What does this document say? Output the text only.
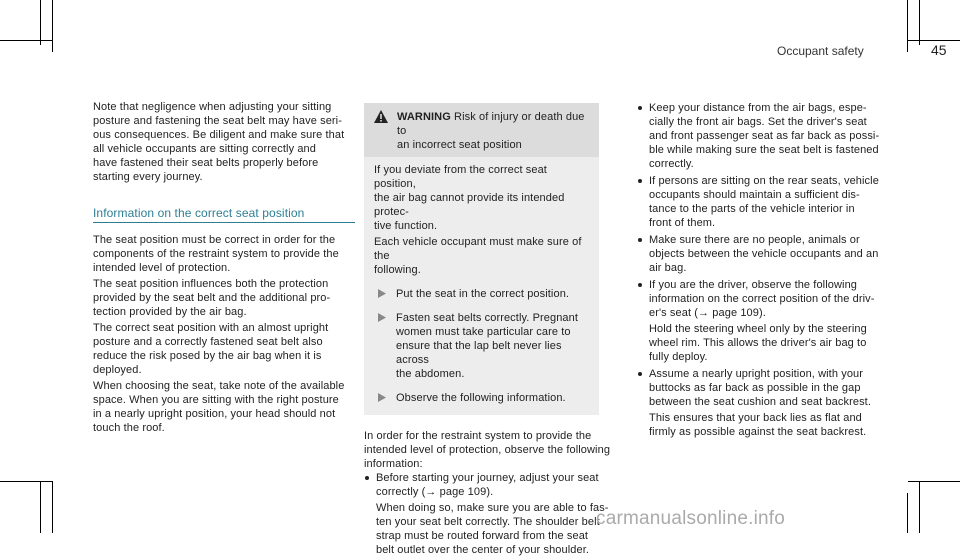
Occupant safety	45

Note that negligence when adjusting your sitting
posture and fastening the seat belt may have seri-
ous consequences. Be diligent and make sure that
all vehicle occupants are sitting correctly and
have fastened their seat belts properly before
starting every journey.

Information on the correct seat position

The seat position must be correct in order for the
components of the restraint system to provide the
intended level of protection.

The seat position influences both the protection
provided by the seat belt and the additional pro-
tection provided by the air bag.

The correct seat position with an almost upright
posture and a correctly fastened seat belt also
reduce the risk posed by the air bag when it is
deployed.

When choosing the seat, take note of the available
space. When you are sitting with the right posture
in a nearly upright position, your head should not
touch the roof.

WARNING Risk of injury or death due to
an incorrect seat position

If you deviate from the correct seat position,
the air bag cannot provide its intended protec-
tive function.

Each vehicle occupant must make sure of the
following.

Put the seat in the correct position.

Fasten seat belts correctly. Pregnant
women must take particular care to
ensure that the lap belt never lies across
the abdomen.

Observe the following information.

In order for the restraint system to provide the
intended level of protection, observe the following
information:

Before starting your journey, adjust your seat
correctly (→ page 109).

When doing so, make sure you are able to fas-
ten your seat belt correctly. The shoulder belt
strap must be routed forward from the seat
belt outlet over the center of your shoulder.

Keep your distance from the air bags, espe-
cially the front air bags. Set the driver's seat
and front passenger seat as far back as possi-
ble while making sure the seat belt is fastened
correctly.

If persons are sitting on the rear seats, vehicle
occupants should maintain a sufficient dis-
tance to the parts of the vehicle interior in
front of them.

Make sure there are no people, animals or
objects between the vehicle occupants and an
air bag.

If you are the driver, observe the following
information on the correct position of the driv-
er's seat (→ page 109).

Hold the steering wheel only by the steering
wheel rim. This allows the driver's air bag to
fully deploy.

Assume a nearly upright position, with your
buttocks as far back as possible in the gap
between the seat cushion and seat backrest.

This ensures that your back lies as flat and
firmly as possible against the seat backrest.

carmanualsonline.info
